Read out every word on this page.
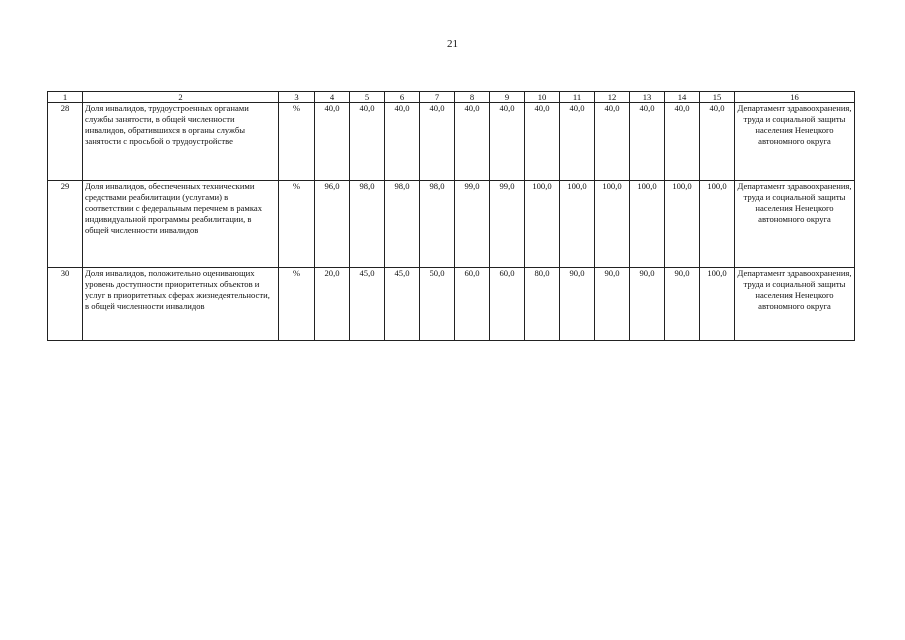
21
1	2	3	4	5	6	7	8	9	10	11	12	13	14	15	16
28	Доля инвалидов, трудоустроенных органами службы занятости, в общей численности инвалидов, обратившихся в органы службы занятости с просьбой о трудоустройстве	%	40,0	40,0	40,0	40,0	40,0	40,0	40,0	40,0	40,0	40,0	40,0	40,0	Департамент здравоохранения, труда и социальной защиты населения Ненецкого автономного округа
29	Доля инвалидов, обеспеченных техническими средствами реабилитации (услугами) в соответствии с федеральным перечнем в рамках индивидуальной программы реабилитации, в общей численности инвалидов	%	96,0	98,0	98,0	98,0	99,0	99,0	100,0	100,0	100,0	100,0	100,0	100,0	Департамент здравоохранения, труда и социальной защиты населения Ненецкого автономного округа
30	Доля инвалидов, положительно оценивающих уровень доступности приоритетных объектов и услуг в приоритетных сферах жизнедеятельности, в общей численности инвалидов	%	20,0	45,0	45,0	50,0	60,0	60,0	80,0	90,0	90,0	90,0	90,0	100,0	Департамент здравоохранения, труда и социальной защиты населения Ненецкого автономного округа
